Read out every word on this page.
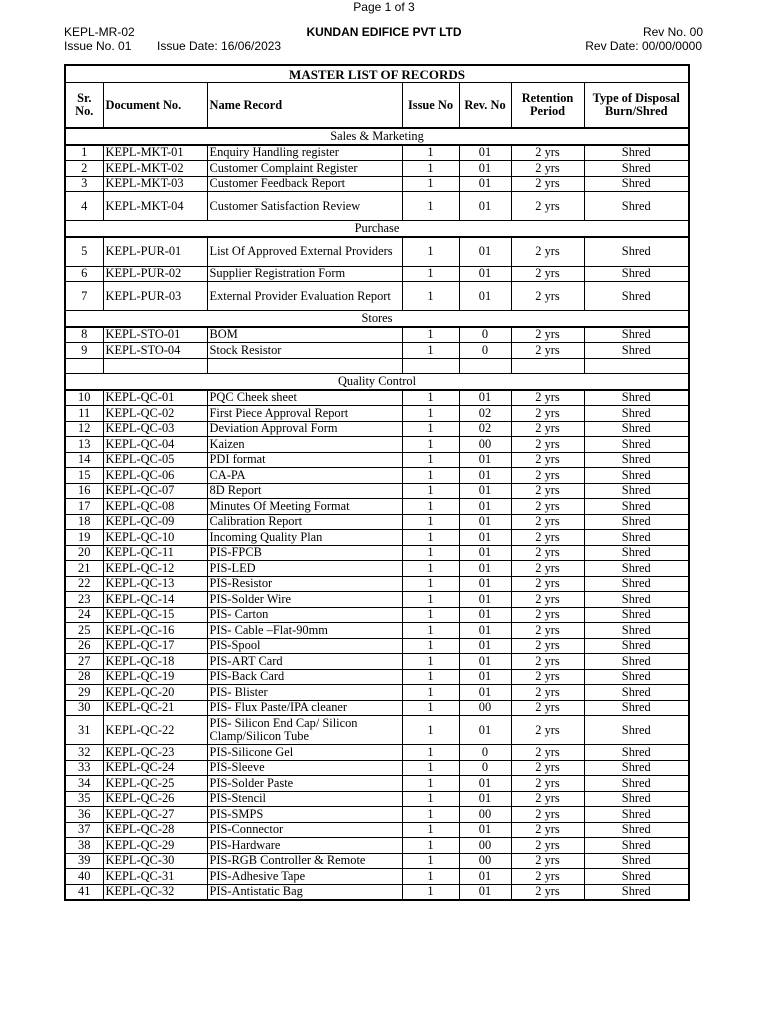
KEPL-MR-02
Issue No. 01 Issue Date: 16/06/2023
KUNDAN EDIFICE PVT LTD	Rev No. 00
Rev Date: 00/00/0000
MASTER LIST OF RECORDS						
Sr. No.	Document No.	Name Record	Issue No	Rev. No	Retention Period	Type of Disposal Burn/Shred
Sales & Marketing						
1	KEPL-MKT-01	Enquiry Handling register	1	01	2 yrs	Shred
2	KEPL-MKT-02	Customer Complaint Register	1	01	2 yrs	Shred
3	KEPL-MKT-03	Customer Feedback Report	1	01	2 yrs	Shred
4	KEPL-MKT-04	Customer Satisfaction Review	1	01	2 yrs	Shred
Purchase						
5	KEPL-PUR-01	List Of Approved External Providers	1	01	2 yrs	Shred
6	KEPL-PUR-02	Supplier Registration Form	1	01	2 yrs	Shred
7	KEPL-PUR-03	External Provider Evaluation Report	1	01	2 yrs	Shred
Stores						
8	KEPL-STO-01	BOM	1	0	2 yrs	Shred
9	KEPL-STO-04	Stock Resistor	1	0	2 yrs	Shred

Quality Control						
10	KEPL-QC-01	PQC Cheek sheet	1	01	2 yrs	Shred
11	KEPL-QC-02	First Piece Approval Report	1	02	2 yrs	Shred
12	KEPL-QC-03	Deviation Approval Form	1	02	2 yrs	Shred
13	KEPL-QC-04	Kaizen	1	00	2 yrs	Shred
14	KEPL-QC-05	PDI format	1	01	2 yrs	Shred
15	KEPL-QC-06	CA-PA	1	01	2 yrs	Shred
16	KEPL-QC-07	8D Report	1	01	2 yrs	Shred
17	KEPL-QC-08	Minutes Of Meeting Format	1	01	2 yrs	Shred
18	KEPL-QC-09	Calibration Report	1	01	2 yrs	Shred
19	KEPL-QC-10	Incoming Quality Plan	1	01	2 yrs	Shred
20	KEPL-QC-11	PIS-FPCB	1	01	2 yrs	Shred
21	KEPL-QC-12	PIS-LED	1	01	2 yrs	Shred
22	KEPL-QC-13	PIS-Resistor	1	01	2 yrs	Shred
23	KEPL-QC-14	PIS-Solder Wire	1	01	2 yrs	Shred
24	KEPL-QC-15	PIS- Carton	1	01	2 yrs	Shred
25	KEPL-QC-16	PIS- Cable –Flat-90mm	1	01	2 yrs	Shred
26	KEPL-QC-17	PIS-Spool	1	01	2 yrs	Shred
27	KEPL-QC-18	PIS-ART Card	1	01	2 yrs	Shred
28	KEPL-QC-19	PIS-Back Card	1	01	2 yrs	Shred
29	KEPL-QC-20	PIS- Blister	1	01	2 yrs	Shred
30	KEPL-QC-21	PIS- Flux Paste/IPA cleaner	1	00	2 yrs	Shred
31	KEPL-QC-22	PIS- Silicon End Cap/ Silicon Clamp/Silicon Tube	1	01	2 yrs	Shred
32	KEPL-QC-23	PIS-Silicone Gel	1	0	2 yrs	Shred
33	KEPL-QC-24	PIS-Sleeve	1	0	2 yrs	Shred
34	KEPL-QC-25	PIS-Solder Paste	1	01	2 yrs	Shred
35	KEPL-QC-26	PIS-Stencil	1	01	2 yrs	Shred
36	KEPL-QC-27	PIS-SMPS	1	00	2 yrs	Shred
37	KEPL-QC-28	PIS-Connector	1	01	2 yrs	Shred
38	KEPL-QC-29	PIS-Hardware	1	00	2 yrs	Shred
39	KEPL-QC-30	PIS-RGB Controller & Remote	1	00	2 yrs	Shred
40	KEPL-QC-31	PIS-Adhesive Tape	1	01	2 yrs	Shred
41	KEPL-QC-32	PIS-Antistatic Bag	1	01	2 yrs	Shred
Page 1 of 3
